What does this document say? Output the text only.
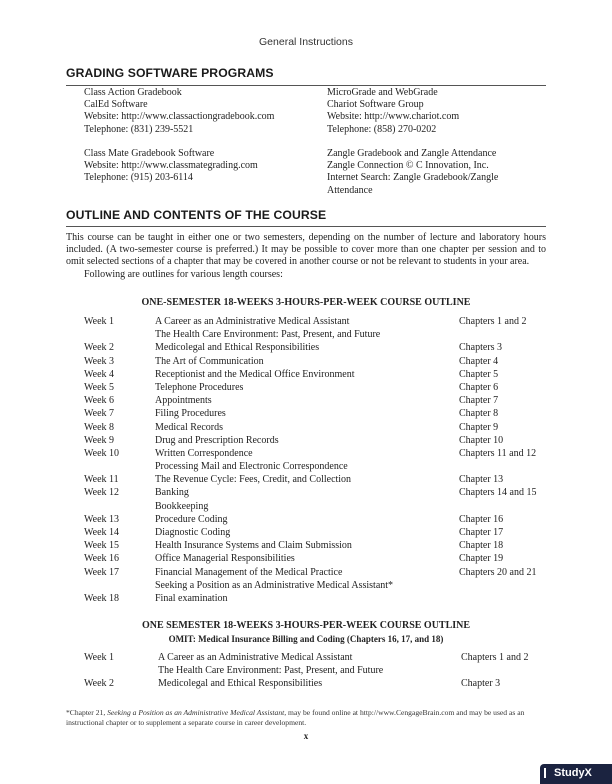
General Instructions
GRADING SOFTWARE PROGRAMS
Class Action Gradebook
CalEd Software
Website: http://www.classactiongradebook.com
Telephone: (831) 239-5521
Class Mate Gradebook Software
Website: http://www.classmategrading.com
Telephone: (915) 203-6114
MicroGrade and WebGrade
Chariot Software Group
Website: http://www.chariot.com
Telephone: (858) 270-0202
Zangle Gradebook and Zangle Attendance
Zangle Connection © C Innovation, Inc.
Internet Search: Zangle Gradebook/Zangle
Attendance
OUTLINE AND CONTENTS OF THE COURSE

This course can be taught in either one or two semesters, depending on the number of lecture and laboratory hours included. (A two-semester course is preferred.) It may be possible to cover more than one chapter per session and to omit selected sections of a chapter that may be covered in another course or not be relevant to students in your area.

Following are outlines for various length courses:

ONE-SEMESTER 18-WEEKS 3-HOURS-PER-WEEK COURSE OUTLINE
Week 1	A Career as an Administrative Medical Assistant	Chapters 1 and 2
The Health Care Environment: Past, Present, and Future
Week 2	Medicolegal and Ethical Responsibilities	Chapters 3
Week 3	The Art of Communication	Chapter 4
Week 4	Receptionist and the Medical Office Environment	Chapter 5
Week 5	Telephone Procedures	Chapter 6
Week 6	Appointments	Chapter 7
Week 7	Filing Procedures	Chapter 8
Week 8	Medical Records	Chapter 9
Week 9	Drug and Prescription Records	Chapter 10
Week 10	Written Correspondence	Chapters 11 and 12
Processing Mail and Electronic Correspondence
Week 11	The Revenue Cycle: Fees, Credit, and Collection	Chapter 13
Week 12	Banking	Chapters 14 and 15
Bookkeeping
Week 13	Procedure Coding	Chapter 16
Week 14	Diagnostic Coding	Chapter 17
Week 15	Health Insurance Systems and Claim Submission	Chapter 18
Week 16	Office Managerial Responsibilities	Chapter 19
Week 17	Financial Management of the Medical Practice	Chapters 20 and 21
Seeking a Position as an Administrative Medical Assistant*
Week 18	Final examination
ONE SEMESTER 18-WEEKS 3-HOURS-PER-WEEK COURSE OUTLINE
OMIT: Medical Insurance Billing and Coding (Chapters 16, 17, and 18)
Week 1	A Career as an Administrative Medical Assistant	Chapters 1 and 2
The Health Care Environment: Past, Present, and Future
Week 2	Medicolegal and Ethical Responsibilities	Chapter 3
*Chapter 21, Seeking a Position as an Administrative Medical Assistant, may be found online at http://www.CengageBrain.com and may be used as an instructional chapter or to supplement a separate course in career development.
x
StudyX
